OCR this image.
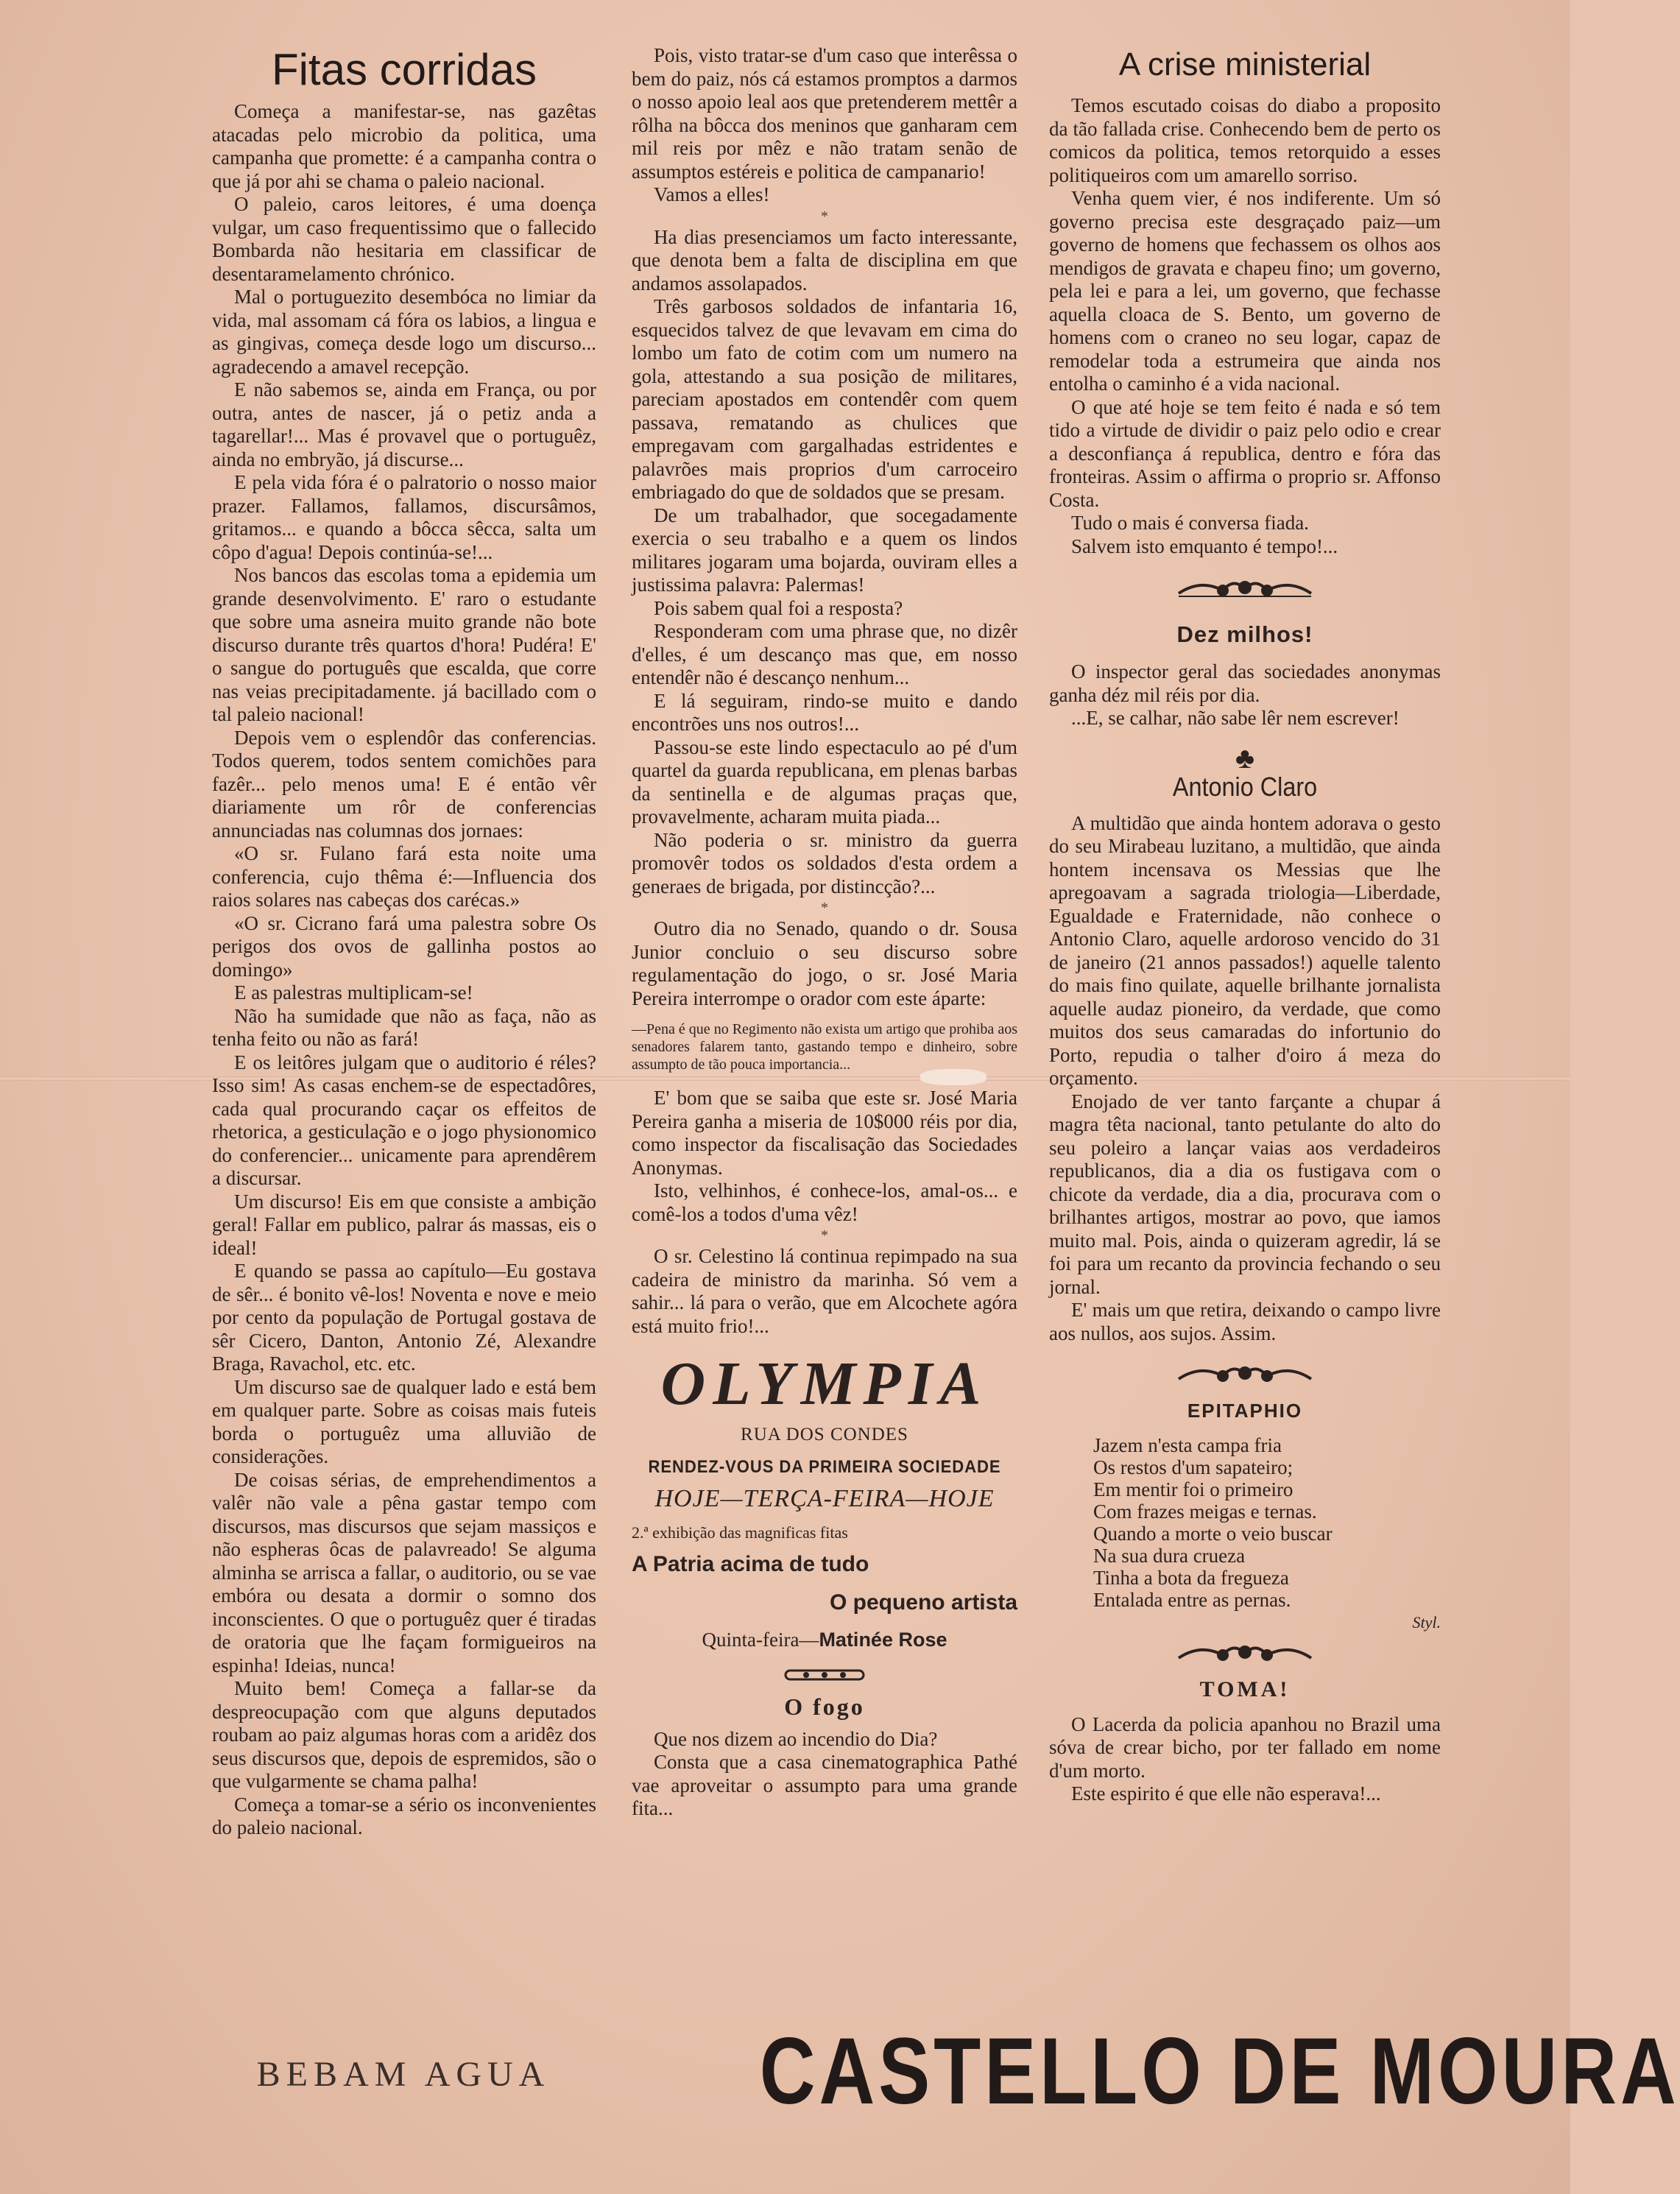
Fitas corridas

Começa a manifestar-se, nas gazêtas atacadas pelo microbio da politica, uma campanha que promette: é a campanha contra o que já por ahi se chama o paleio nacional.

O paleio, caros leitores, é uma doença vulgar, um caso frequentissimo que o fallecido Bombarda não hesitaria em classificar de desentaramelamento chrónico.

Mal o portuguezito desembóca no limiar da vida, mal assomam cá fóra os labios, a lingua e as gingivas, começa desde logo um discurso... agradecendo a amavel recepção.

E não sabemos se, ainda em França, ou por outra, antes de nascer, já o petiz anda a tagarellar!... Mas é provavel que o portuguêz, ainda no embryão, já discurse...

E pela vida fóra é o palratorio o nosso maior prazer. Fallamos, fallamos, discursâmos, gritamos... e quando a bôcca sêcca, salta um côpo d'agua! Depois continúa-se!...

Nos bancos das escolas toma a epidemia um grande desenvolvimento. E' raro o estudante que sobre uma asneira muito grande não bote discurso durante três quartos d'hora! Pudéra! E' o sangue do português que escalda, que corre nas veias precipitadamente. já bacillado com o tal paleio nacional!

Depois vem o esplendôr das conferencias. Todos querem, todos sentem comichões para fazêr... pelo menos uma! E é então vêr diariamente um rôr de conferencias annunciadas nas columnas dos jornaes:

«O sr. Fulano fará esta noite uma conferencia, cujo thêma é:—Influencia dos raios solares nas cabeças dos carécas.»

«O sr. Cicrano fará uma palestra sobre Os perigos dos ovos de gallinha postos ao domingo»

E as palestras multiplicam-se!

Não ha sumidade que não as faça, não as tenha feito ou não as fará!

E os leitôres julgam que o auditorio é réles? Isso sim! As casas enchem-se de espectadôres, cada qual procurando caçar os effeitos de rhetorica, a gesticulação e o jogo physionomico do conferencier... unicamente para aprendêrem a discursar.

Um discurso! Eis em que consiste a ambição geral! Fallar em publico, palrar ás massas, eis o ideal!

E quando se passa ao capítulo—Eu gostava de sêr... é bonito vê-los! Noventa e nove e meio por cento da população de Portugal gostava de sêr Cicero, Danton, Antonio Zé, Alexandre Braga, Ravachol, etc. etc.

Um discurso sae de qualquer lado e está bem em qualquer parte. Sobre as coisas mais futeis borda o portuguêz uma alluvião de considerações.

De coisas sérias, de emprehendimentos a valêr não vale a pêna gastar tempo com discursos, mas discursos que sejam massiços e não espheras ôcas de palavreado! Se alguma alminha se arrisca a fallar, o auditorio, ou se vae embóra ou desata a dormir o somno dos inconscientes. O que o portuguêz quer é tiradas de oratoria que lhe façam formigueiros na espinha! Ideias, nunca!

Muito bem! Começa a fallar-se da despreocupação com que alguns deputados roubam ao paiz algumas horas com a aridêz dos seus discursos que, depois de espremidos, são o que vulgarmente se chama palha!

Começa a tomar-se a sério os inconvenientes do paleio nacional.

Pois, visto tratar-se d'um caso que interêssa o bem do paiz, nós cá estamos promptos a darmos o nosso apoio leal aos que pretenderem mettêr a rôlha na bôcca dos meninos que ganharam cem mil reis por mêz e não tratam senão de assumptos estéreis e politica de campanario!

Vamos a elles!

*

Ha dias presenciamos um facto interessante, que denota bem a falta de disciplina em que andamos assolapados.

Três garbosos soldados de infantaria 16, esquecidos talvez de que levavam em cima do lombo um fato de cotim com um numero na gola, attestando a sua posição de militares, pareciam apostados em contendêr com quem passava, rematando as chulices que empregavam com gargalhadas estridentes e palavrões mais proprios d'um carroceiro embriagado do que de soldados que se presam.

De um trabalhador, que socegadamente exercia o seu trabalho e a quem os lindos militares jogaram uma bojarda, ouviram elles a justissima palavra: Palermas!

Pois sabem qual foi a resposta?

Responderam com uma phrase que, no dizêr d'elles, é um descanço mas que, em nosso entendêr não é descanço nenhum...

E lá seguiram, rindo-se muito e dando encontrões uns nos outros!...

Passou-se este lindo espectaculo ao pé d'um quartel da guarda republicana, em plenas barbas da sentinella e de algumas praças que, provavelmente, acharam muita piada...

Não poderia o sr. ministro da guerra promovêr todos os soldados d'esta ordem a generaes de brigada, por distincção?...

*

Outro dia no Senado, quando o dr. Sousa Junior concluio o seu discurso sobre regulamentação do jogo, o sr. José Maria Pereira interrompe o orador com este áparte:

—Pena é que no Regimento não exista um artigo que prohiba aos senadores falarem tanto, gastando tempo e dinheiro, sobre assumpto de tão pouca importancia...

E' bom que se saiba que este sr. José Maria Pereira ganha a miseria de 10$000 réis por dia, como inspector da fiscalisação das Sociedades Anonymas.

Isto, velhinhos, é conhece-los, amal-os... e comê-los a todos d'uma vêz!

*

O sr. Celestino lá continua repimpado na sua cadeira de ministro da marinha. Só vem a sahir... lá para o verão, que em Alcochete agóra está muito frio!...

OLYMPIA
RUA DOS CONDES
RENDEZ-VOUS DA PRIMEIRA SOCIEDADE
HOJE—TERÇA-FEIRA—HOJE
2.ª exhibição das magnificas fitas
A Patria acima de tudo
O pequeno artista
Quinta-feira—Matinée Rose
O fogo

Que nos dizem ao incendio do Dia?

Consta que a casa cinematographica Pathé vae aproveitar o assumpto para uma grande fita...

A crise ministerial

Temos escutado coisas do diabo a proposito da tão fallada crise. Conhecendo bem de perto os comicos da politica, temos retorquido a esses politiqueiros com um amarello sorriso.

Venha quem vier, é nos indiferente. Um só governo precisa este desgraçado paiz—um governo de homens que fechassem os olhos aos mendigos de gravata e chapeu fino; um governo, pela lei e para a lei, um governo, que fechasse aquella cloaca de S. Bento, um governo de homens com o craneo no seu logar, capaz de remodelar toda a estrumeira que ainda nos entolha o caminho é a vida nacional.

O que até hoje se tem feito é nada e só tem tido a virtude de dividir o paiz pelo odio e crear a desconfiança á republica, dentro e fóra das fronteiras. Assim o affirma o proprio sr. Affonso Costa.

Tudo o mais é conversa fiada.

Salvem isto emquanto é tempo!...

Dez milhos!

O inspector geral das sociedades anonymas ganha déz mil réis por dia.

...E, se calhar, não sabe lêr nem escrever!

♣
Antonio Claro

A multidão que ainda hontem adorava o gesto do seu Mirabeau luzitano, a multidão, que ainda hontem incensava os Messias que lhe apregoavam a sagrada triologia—Liberdade, Egualdade e Fraternidade, não conhece o Antonio Claro, aquelle ardoroso vencido do 31 de janeiro (21 annos passados!) aquelle talento do mais fino quilate, aquelle brilhante jornalista aquelle audaz pioneiro, da verdade, que como muitos dos seus camaradas do infortunio do Porto, repudia o talher d'oiro á meza do orçamento.

Enojado de ver tanto farçante a chupar á magra têta nacional, tanto petulante do alto do seu poleiro a lançar vaias aos verdadeiros republicanos, dia a dia os fustigava com o chicote da verdade, dia a dia, procurava com o brilhantes artigos, mostrar ao povo, que iamos muito mal. Pois, ainda o quizeram agredir, lá se foi para um recanto da provincia fechando o seu jornal.

E' mais um que retira, deixando o campo livre aos nullos, aos sujos. Assim.

EPITAPHIO

Jazem n'esta campa fria

Os restos d'um sapateiro;

Em mentir foi o primeiro

Com frazes meigas e ternas.

Quando a morte o veio buscar

Na sua dura crueza

Tinha a bota da fregueza

Entalada entre as pernas.

Styl.
TOMA!

O Lacerda da policia apanhou no Brazil uma sóva de crear bicho, por ter fallado em nome d'um morto.

Este espirito é que elle não esperava!...

BEBAM AGUA	CASTELLO DE MOURA
